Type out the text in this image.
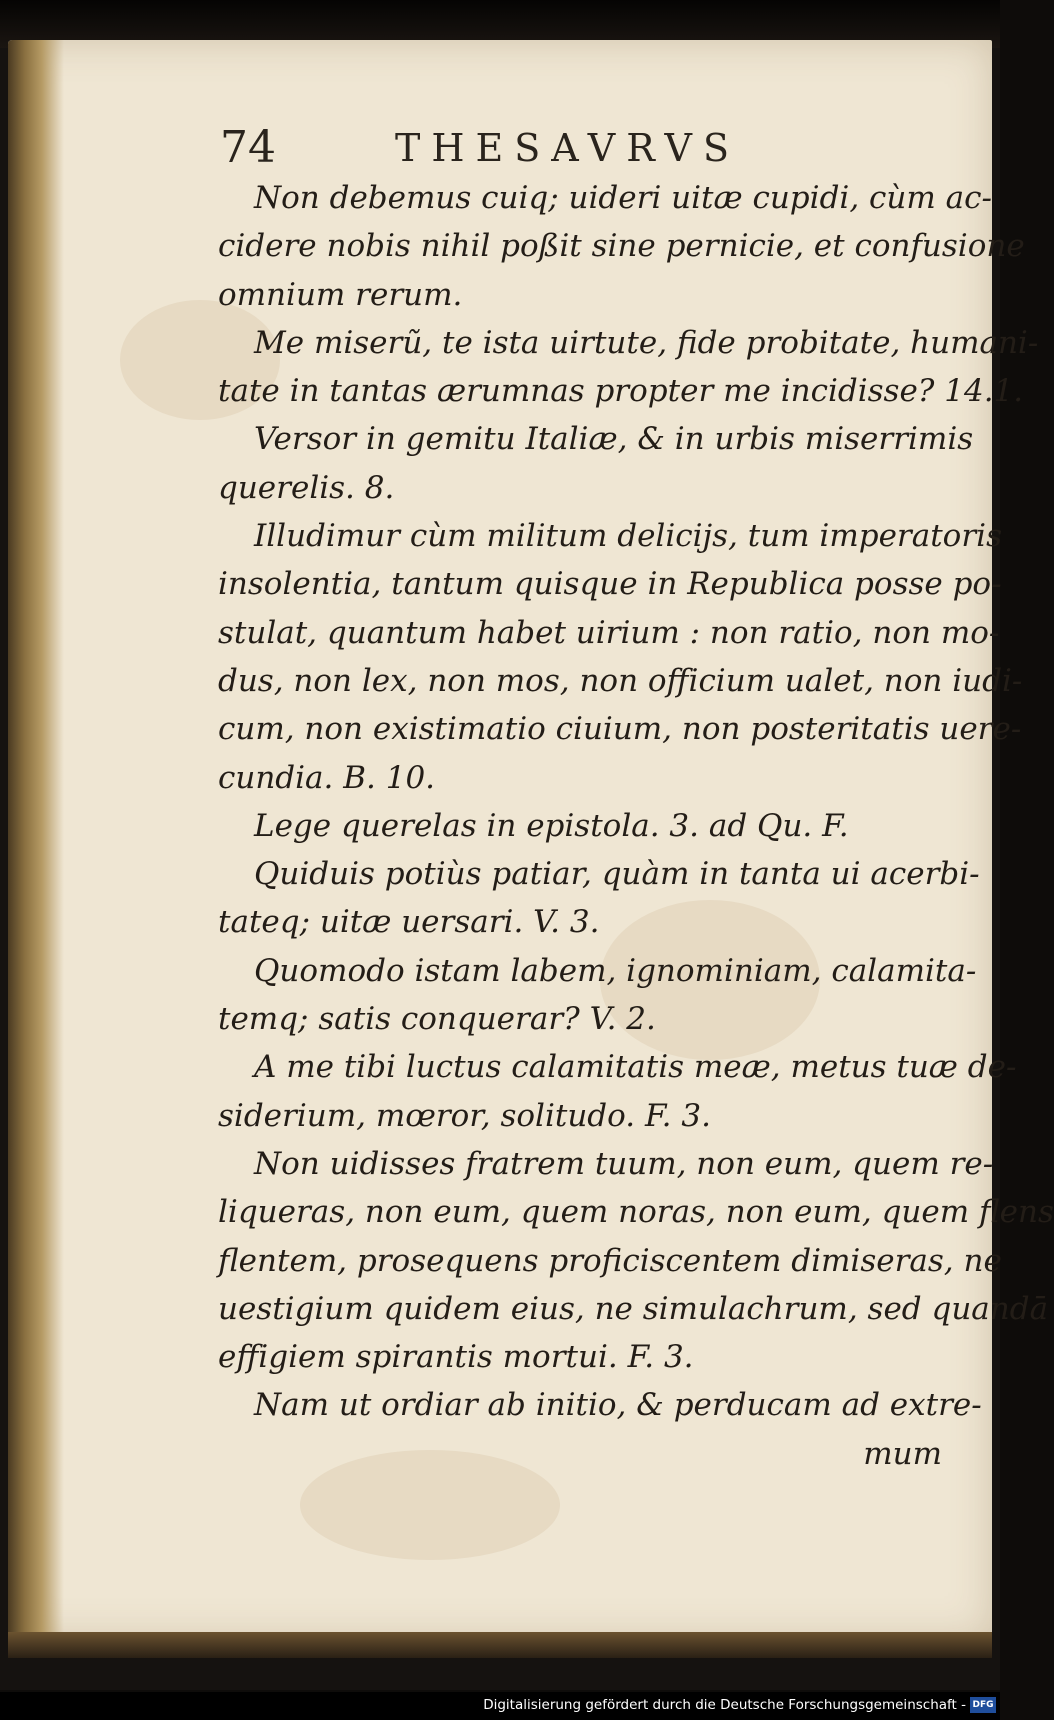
74	THESAVRVS
Non debemus cuiq; uideri uitæ cupidi, cùm ac-
cidere nobis nihil poßit sine pernicie, et confusione
omnium rerum.
Me miserũ, te ista uirtute, fide probitate, humani-
tate in tantas ærumnas propter me incidisse? 14.1.
Versor in gemitu Italiæ, & in urbis miserrimis
querelis. 8.
Illudimur cùm militum delicijs, tum imperatoris
insolentia, tantum quisque in Republica posse po-
stulat, quantum habet uirium : non ratio, non mo-
dus, non lex, non mos, non officium ualet, non iudi-
cum, non existimatio ciuium, non posteritatis uere-
cundia. B. 10.
Lege querelas in epistola. 3. ad Qu. F.
Quiduis potiùs patiar, quàm in tanta ui acerbi-
tateq; uitæ uersari. V. 3.
Quomodo istam labem, ignominiam, calamita-
temq; satis conquerar? V. 2.
A me tibi luctus calamitatis meæ, metus tuæ de-
siderium, mœror, solitudo. F. 3.
Non uidisses fratrem tuum, non eum, quem re-
liqueras, non eum, quem noras, non eum, quem flens
flentem, prosequens proficiscentem dimiseras, ne
uestigium quidem eius, ne simulachrum, sed quandā
effigiem spirantis mortui. F. 3.
Nam ut ordiar ab initio, & perducam ad extre-
mum
Digitalisierung gefördert durch die Deutsche Forschungsgemeinschaft - DFG
